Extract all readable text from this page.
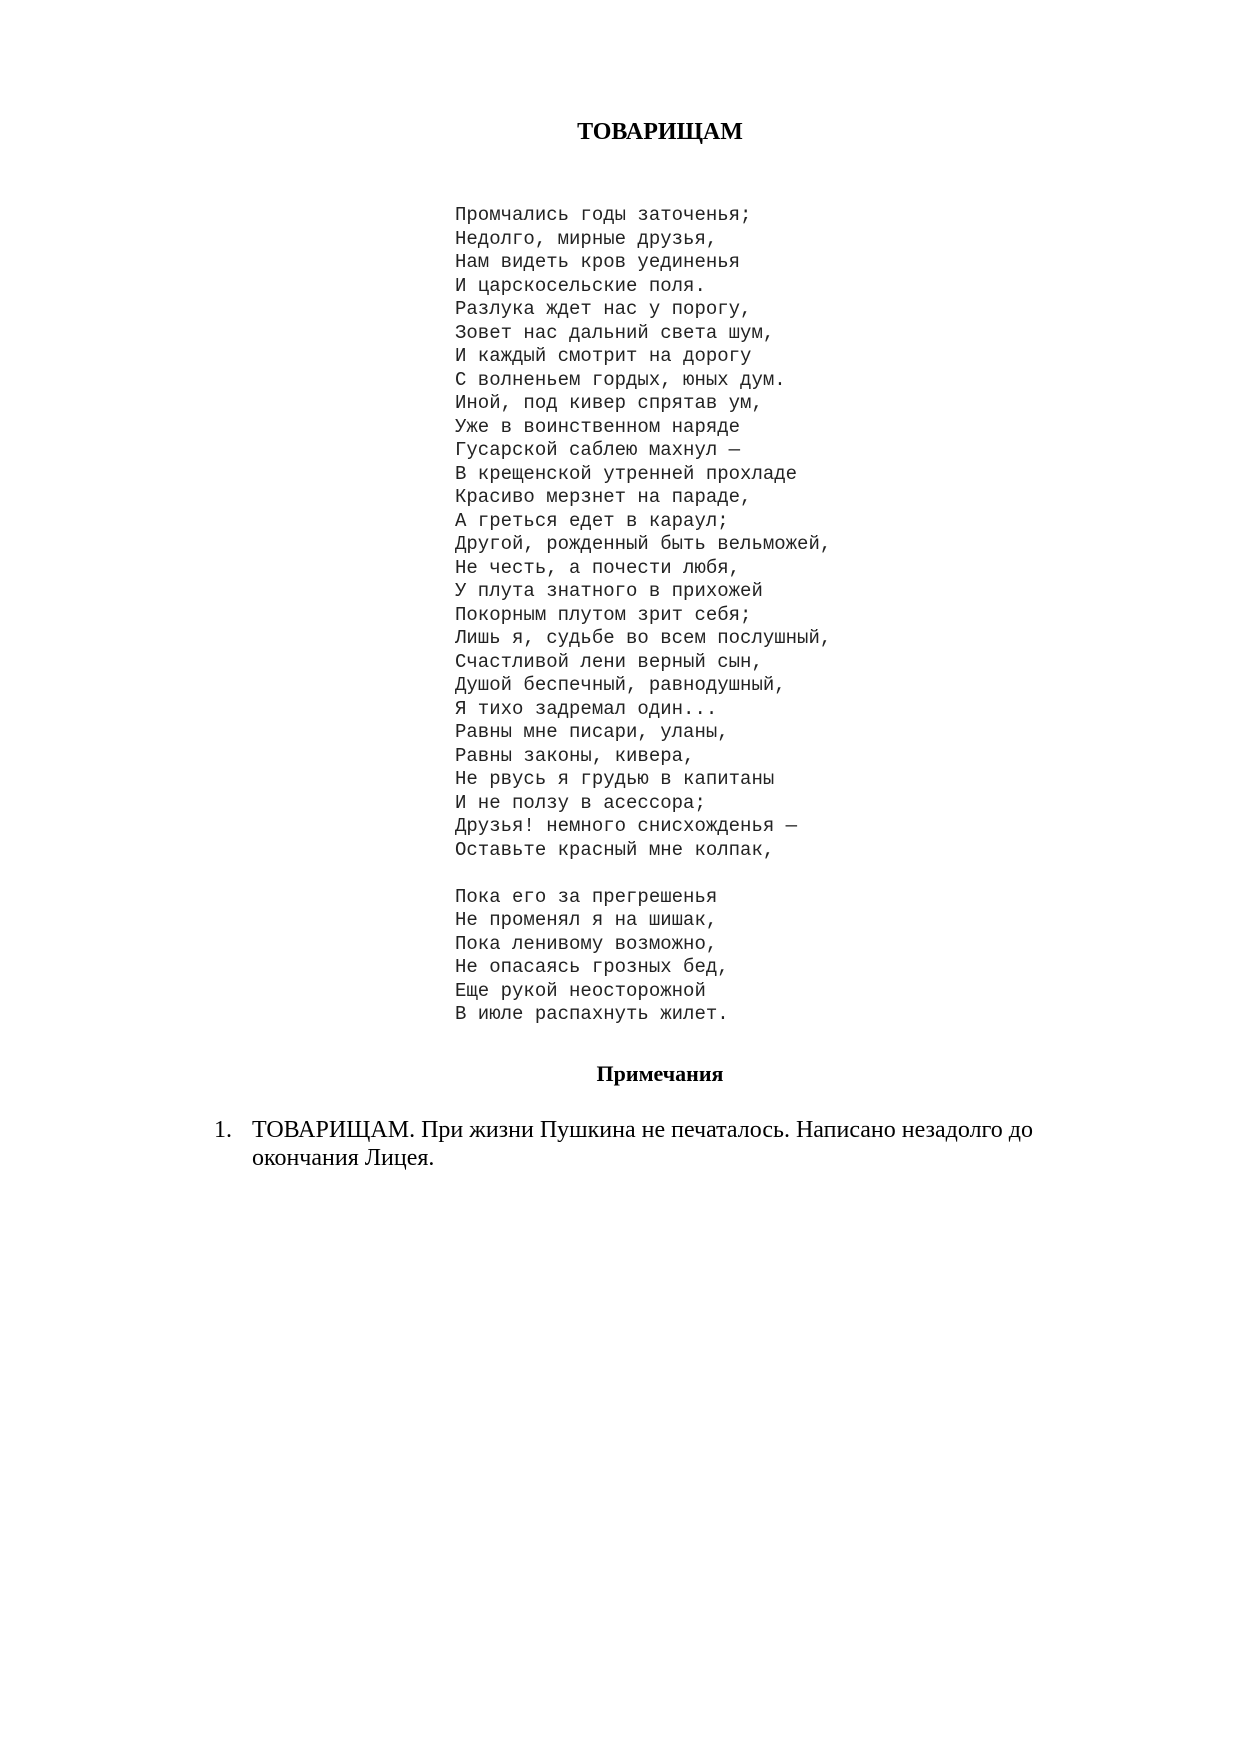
ТОВАРИЩАМ
Промчались годы заточенья;
Недолго, мирные друзья,
Нам видеть кров уединенья
И царскосельские поля.
Разлука ждет нас у порогу,
Зовет нас дальний света шум,
И каждый смотрит на дорогу
С волненьем гордых, юных дум.
Иной, под кивер спрятав ум,
Уже в воинственном наряде
Гусарской саблею махнул —
В крещенской утренней прохладе
Красиво мерзнет на параде,
А греться едет в караул;
Другой, рожденный быть вельможей,
Не честь, а почести любя,
У плута знатного в прихожей
Покорным плутом зрит себя;
Лишь я, судьбе во всем послушный,
Счастливой лени верный сын,
Душой беспечный, равнодушный,
Я тихо задремал один...
Равны мне писари, уланы,
Равны законы, кивера,
Не рвусь я грудью в капитаны
И не ползу в асессора;
Друзья! немного снисхожденья —
Оставьте красный мне колпак,
Пока его за прегрешенья
Не променял я на шишак,
Пока ленивому возможно,
Не опасаясь грозных бед,
Еще рукой неосторожной
В июле распахнуть жилет.
Примечания
1. ТОВАРИЩАМ. При жизни Пушкина не печаталось. Написано незадолго до окончания Лицея.
